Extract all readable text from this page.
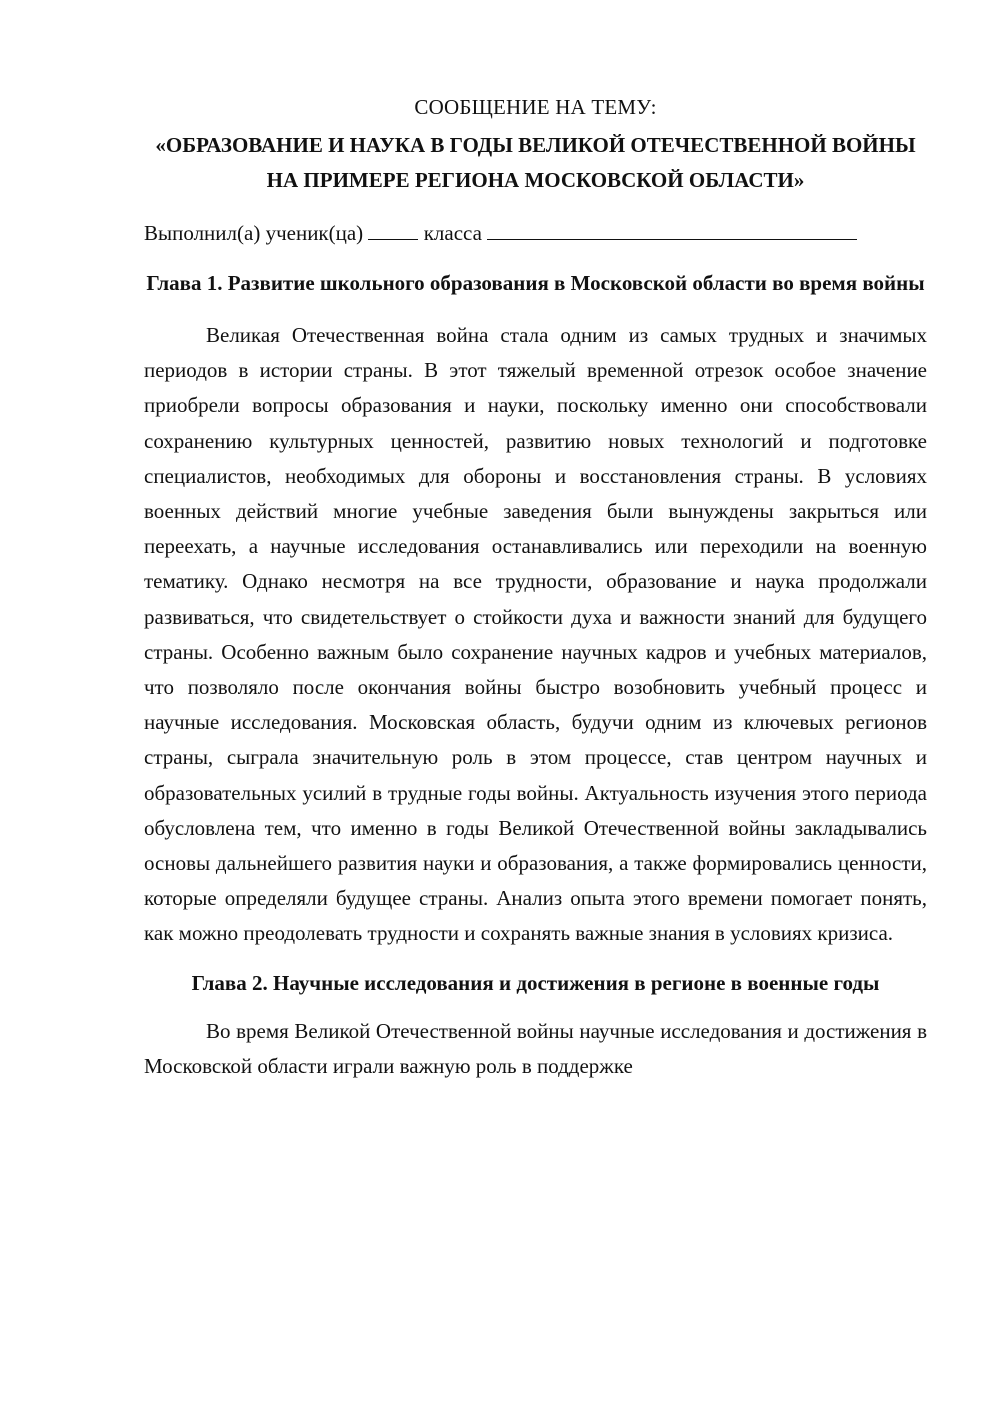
СООБЩЕНИЕ НА ТЕМУ:

«ОБРАЗОВАНИЕ И НАУКА В ГОДЫ ВЕЛИКОЙ ОТЕЧЕСТВЕННОЙ ВОЙНЫ НА ПРИМЕРЕ РЕГИОНА МОСКОВСКОЙ ОБЛАСТИ»

Выполнил(а) ученик(ца)	класса

Глава 1. Развитие школьного образования в Московской области во время войны

Великая Отечественная война стала одним из самых трудных и значимых периодов в истории страны. В этот тяжелый временной отрезок особое значение приобрели вопросы образования и науки, поскольку именно они способствовали сохранению культурных ценностей, развитию новых технологий и подготовке специалистов, необходимых для обороны и восстановления страны. В условиях военных действий многие учебные заведения были вынуждены закрыться или переехать, а научные исследования останавливались или переходили на военную тематику. Однако несмотря на все трудности, образование и наука продолжали развиваться, что свидетельствует о стойкости духа и важности знаний для будущего страны. Особенно важным было сохранение научных кадров и учебных материалов, что позволяло после окончания войны быстро возобновить учебный процесс и научные исследования. Московская область, будучи одним из ключевых регионов страны, сыграла значительную роль в этом процессе, став центром научных и образовательных усилий в трудные годы войны. Актуальность изучения этого периода обусловлена тем, что именно в годы Великой Отечественной войны закладывались основы дальнейшего развития науки и образования, а также формировались ценности, которые определяли будущее страны. Анализ опыта этого времени помогает понять, как можно преодолевать трудности и сохранять важные знания в условиях кризиса.

Глава 2. Научные исследования и достижения в регионе в военные годы

Во время Великой Отечественной войны научные исследования и достижения в Московской области играли важную роль в поддержке
